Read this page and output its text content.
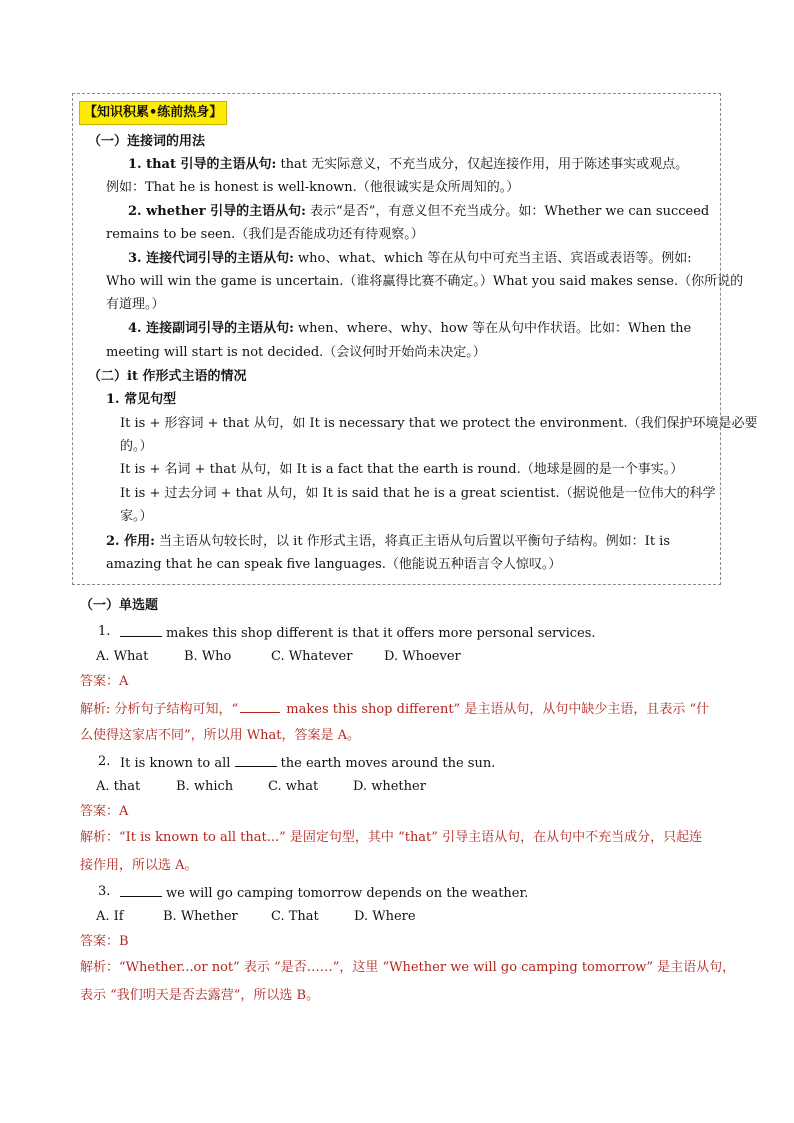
【知识积累•练前热身】
（一）连接词的用法
1. that 引导的主语从句: that 无实际意义，不充当成分，仅起连接作用，用于陈述事实或观点。
例如：That he is honest is well-known.（他很诚实是众所周知的。）
2. whether 引导的主语从句: 表示“是否”，有意义但不充当成分。如：Whether we can succeed
remains to be seen.（我们是否能成功还有待观察。）
3. 连接代词引导的主语从句: who、what、which 等在从句中可充当主语、宾语或表语等。例如:
Who will win the game is uncertain.（谁将赢得比赛不确定。）What you said makes sense.（你所说的
有道理。）
4. 连接副词引导的主语从句: when、where、why、how 等在从句中作状语。比如：When the
meeting will start is not decided.（会议何时开始尚未决定。）
（二）it 作形式主语的情况
1. 常见句型
It is + 形容词 + that 从句，如 It is necessary that we protect the environment.（我们保护环境是必要
的。）
It is + 名词 + that 从句，如 It is a fact that the earth is round.（地球是圆的是一个事实。）
It is + 过去分词 + that 从句，如 It is said that he is a great scientist.（据说他是一位伟大的科学
家。）
2. 作用: 当主语从句较长时，以 it 作形式主语，将真正主语从句后置以平衡句子结构。例如：It is
amazing that he can speak five languages.（他能说五种语言令人惊叹。）
（一）单选题
1.	makes this shop different is that it offers more personal services.
A. What	B. Who	C. Whatever D. Whoever
答案：A
解析: 分析句子结构可知，“	makes this shop different” 是主语从句，从句中缺少主语，且表示 “什
么使得这家店不同”，所以用 What，答案是 A。
2. It is known to all	the earth moves around the sun.
A. that	B. which	C. what	D. whether
答案：A
解析：“It is known to all that...” 是固定句型，其中 “that” 引导主语从句，在从句中不充当成分，只起连
接作用，所以选 A。
3.	we will go camping tomorrow depends on the weather.
A. If	B. Whether	C. That	D. Where
答案：B
解析：“Whether...or not” 表示 “是否……”，这里 “Whether we will go camping tomorrow” 是主语从句，
表示 “我们明天是否去露营”，所以选 B。
